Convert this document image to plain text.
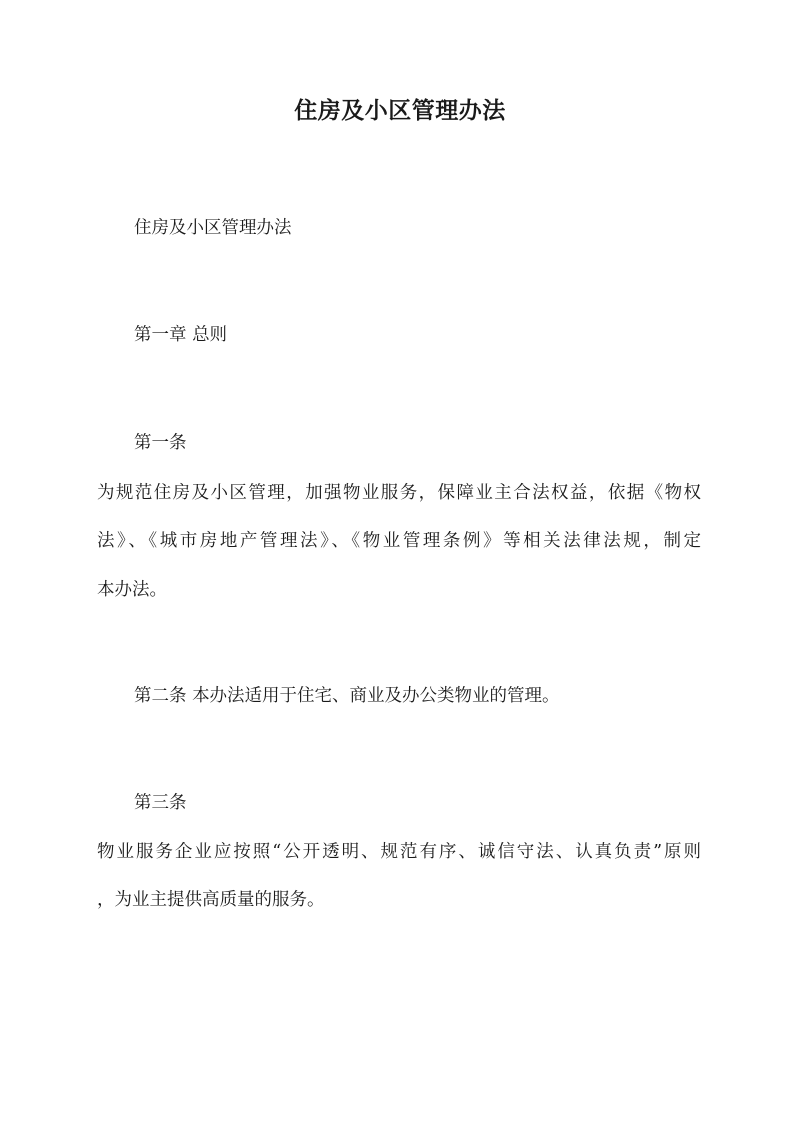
住房及小区管理办法
住房及小区管理办法
第一章 总则
第一条
为规范住房及小区管理，加强物业服务，保障业主合法权益，依据《物权
法》、《城市房地产管理法》、《物业管理条例》等相关法律法规，制定
本办法。
第二条 本办法适用于住宅、商业及办公类物业的管理。
第三条
物业服务企业应按照“公开透明、规范有序、诚信守法、认真负责”原则
，为业主提供高质量的服务。
